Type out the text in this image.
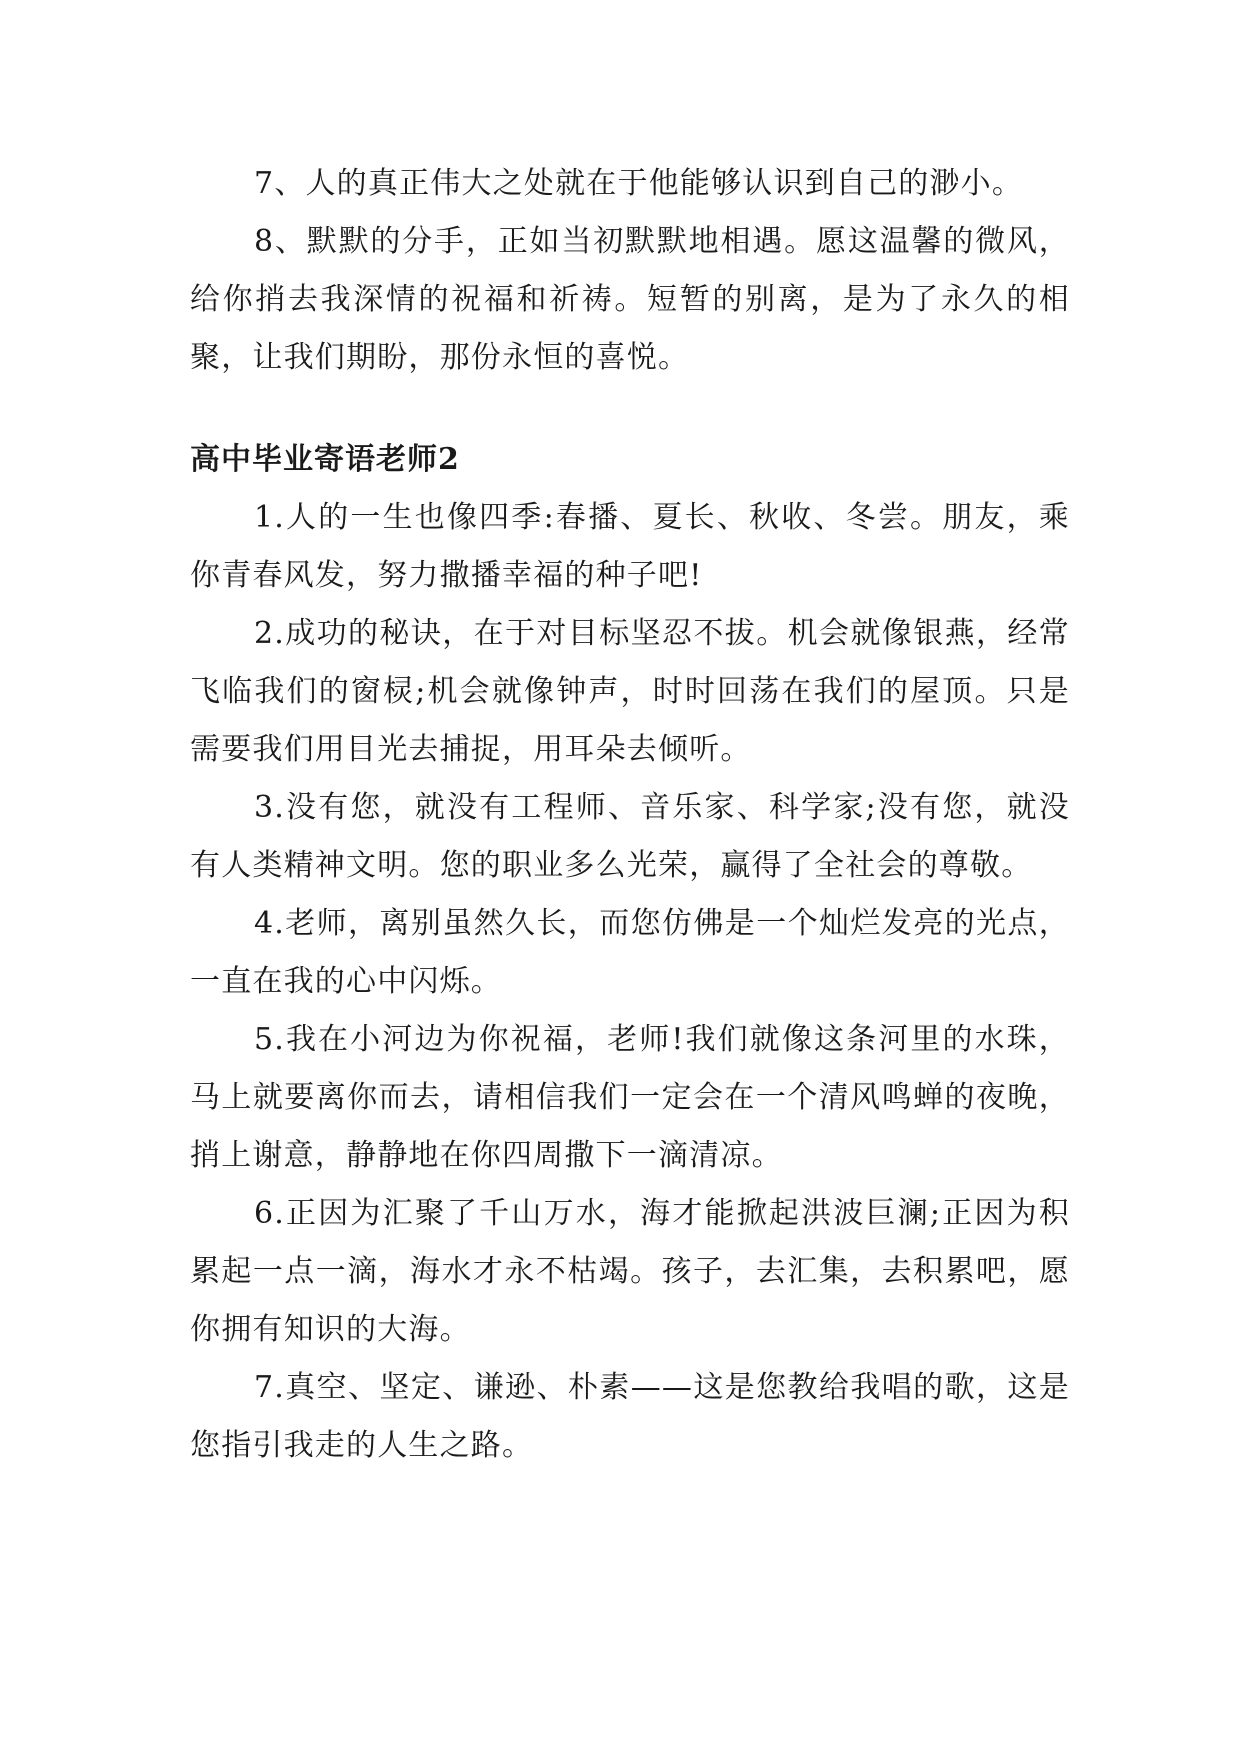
7、人的真正伟大之处就在于他能够认识到自己的渺小。

8、默默的分手，正如当初默默地相遇。愿这温馨的微风，给你捎去我深情的祝福和祈祷。短暂的别离，是为了永久的相聚，让我们期盼，那份永恒的喜悦。

高中毕业寄语老师2

1.人的一生也像四季:春播、夏长、秋收、冬尝。朋友，乘你青春风发，努力撒播幸福的种子吧!

2.成功的秘诀，在于对目标坚忍不拔。机会就像银燕，经常飞临我们的窗棂;机会就像钟声，时时回荡在我们的屋顶。只是需要我们用目光去捕捉，用耳朵去倾听。

3.没有您，就没有工程师、音乐家、科学家;没有您，就没有人类精神文明。您的职业多么光荣，赢得了全社会的尊敬。

4.老师，离别虽然久长，而您仿佛是一个灿烂发亮的光点，一直在我的心中闪烁。

5.我在小河边为你祝福，老师!我们就像这条河里的水珠，马上就要离你而去，请相信我们一定会在一个清风鸣蝉的夜晚，捎上谢意，静静地在你四周撒下一滴清凉。

6.正因为汇聚了千山万水，海才能掀起洪波巨澜;正因为积累起一点一滴，海水才永不枯竭。孩子，去汇集，去积累吧，愿你拥有知识的大海。

7.真空、坚定、谦逊、朴素——这是您教给我唱的歌，这是您指引我走的人生之路。
